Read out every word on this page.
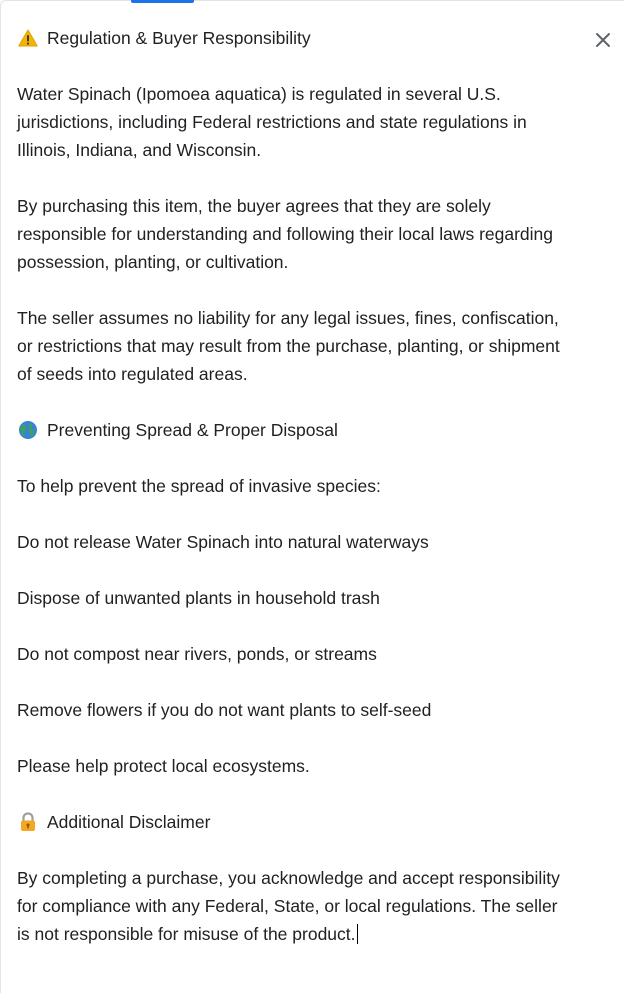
Regulation & Buyer Responsibility
Water Spinach (Ipomoea aquatica) is regulated in several U.S.
jurisdictions, including Federal restrictions and state regulations in
Illinois, Indiana, and Wisconsin.
By purchasing this item, the buyer agrees that they are solely
responsible for understanding and following their local laws regarding
possession, planting, or cultivation.
The seller assumes no liability for any legal issues, fines, confiscation,
or restrictions that may result from the purchase, planting, or shipment
of seeds into regulated areas.
Preventing Spread & Proper Disposal
To help prevent the spread of invasive species:
Do not release Water Spinach into natural waterways
Dispose of unwanted plants in household trash
Do not compost near rivers, ponds, or streams
Remove flowers if you do not want plants to self-seed
Please help protect local ecosystems.
Additional Disclaimer
By completing a purchase, you acknowledge and accept responsibility
for compliance with any Federal, State, or local regulations. The seller
is not responsible for misuse of the product.
